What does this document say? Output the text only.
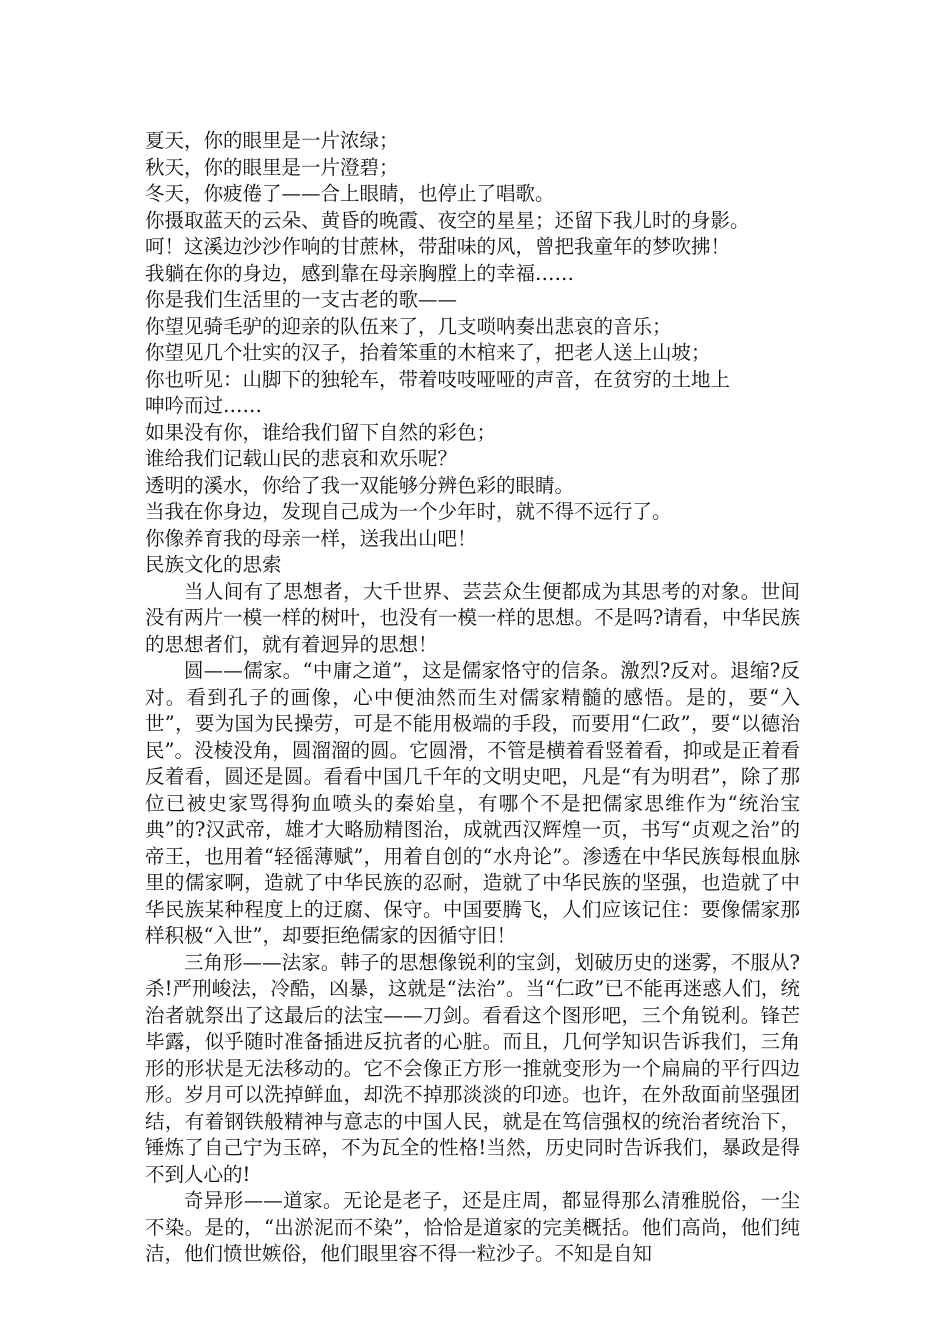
夏天，你的眼里是一片浓绿；
秋天，你的眼里是一片澄碧；
冬天，你疲倦了——合上眼睛，也停止了唱歌。
你摄取蓝天的云朵、黄昏的晚霞、夜空的星星；还留下我儿时的身影。
呵！这溪边沙沙作响的甘蔗林，带甜味的风，曾把我童年的梦吹拂！
我躺在你的身边，感到靠在母亲胸膛上的幸福……
你是我们生活里的一支古老的歌——
你望见骑毛驴的迎亲的队伍来了，几支唢呐奏出悲哀的音乐；
你望见几个壮实的汉子，抬着笨重的木棺来了，把老人送上山坡；
你也听见：山脚下的独轮车，带着吱吱哑哑的声音，在贫穷的土地上
呻吟而过……
如果没有你，谁给我们留下自然的彩色；
谁给我们记载山民的悲哀和欢乐呢？
透明的溪水，你给了我一双能够分辨色彩的眼睛。
当我在你身边，发现自己成为一个少年时，就不得不远行了。
你像养育我的母亲一样，送我出山吧！
民族文化的思索

当人间有了思想者，大千世界、芸芸众生便都成为其思考的对象。世间没有两片一模一样的树叶，也没有一模一样的思想。不是吗?请看，中华民族的思想者们，就有着迥异的思想！

圆——儒家。“中庸之道”，这是儒家恪守的信条。激烈?反对。退缩?反对。看到孔子的画像，心中便油然而生对儒家精髓的感悟。是的，要“入世”，要为国为民操劳，可是不能用极端的手段，而要用“仁政”，要“以德治民”。没棱没角，圆溜溜的圆。它圆滑，不管是横着看竖着看，抑或是正着看反着看，圆还是圆。看看中国几千年的文明史吧，凡是“有为明君”，除了那位已被史家骂得狗血喷头的秦始皇，有哪个不是把儒家思维作为“统治宝典”的?汉武帝，雄才大略励精图治，成就西汉辉煌一页，书写“贞观之治”的帝王，也用着“轻徭薄赋”，用着自创的“水舟论”。渗透在中华民族每根血脉里的儒家啊，造就了中华民族的忍耐，造就了中华民族的坚强，也造就了中华民族某种程度上的迂腐、保守。中国要腾飞，人们应该记住：要像儒家那样积极“入世”，却要拒绝儒家的因循守旧！

三角形——法家。韩子的思想像锐利的宝剑，划破历史的迷雾，不服从?杀!严刑峻法，冷酷，凶暴，这就是“法治”。当“仁政”已不能再迷惑人们，统治者就祭出了这最后的法宝——刀剑。看看这个图形吧，三个角锐利。锋芒毕露，似乎随时准备插进反抗者的心脏。而且，几何学知识告诉我们，三角形的形状是无法移动的。它不会像正方形一推就变形为一个扁扁的平行四边形。岁月可以洗掉鲜血，却洗不掉那淡淡的印迹。也许，在外敌面前坚强团结，有着钢铁般精神与意志的中国人民，就是在笃信强权的统治者统治下，锤炼了自己宁为玉碎，不为瓦全的性格!当然，历史同时告诉我们，暴政是得不到人心的!

奇异形——道家。无论是老子，还是庄周，都显得那么清雅脱俗，一尘不染。是的，“出淤泥而不染”，恰恰是道家的完美概括。他们高尚，他们纯洁，他们愤世嫉俗，他们眼里容不得一粒沙子。不知是自知
